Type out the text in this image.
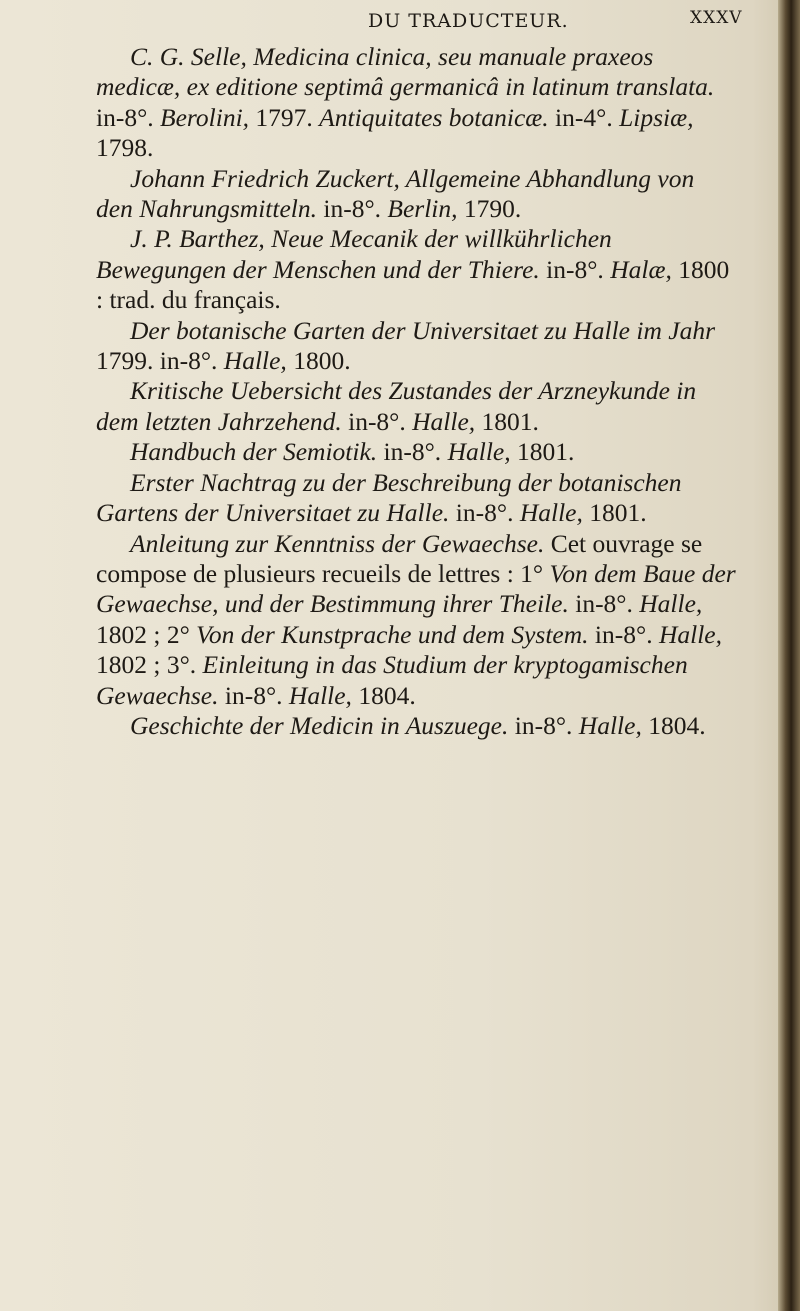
DU TRADUCTEUR.	XXXV

C. G. Selle, Medicina clinica, seu manuale praxeos medicæ, ex editione septimâ germanicâ in latinum translata. in-8°. Berolini, 1797. Antiquitates botanicæ. in-4°. Lipsiæ, 1798.

Johann Friedrich Zuckert, Allgemeine Abhandlung von den Nahrungsmitteln. in-8°. Berlin, 1790.

J. P. Barthez, Neue Mecanik der willkührlichen Bewegungen der Menschen und der Thiere. in-8°. Halæ, 1800 : trad. du français.

Der botanische Garten der Universitaet zu Halle im Jahr 1799. in-8°. Halle, 1800.

Kritische Uebersicht des Zustandes der Arzneykunde in dem letzten Jahrzehend. in-8°. Halle, 1801.

Handbuch der Semiotik. in-8°. Halle, 1801.

Erster Nachtrag zu der Beschreibung der botanischen Gartens der Universitaet zu Halle. in-8°. Halle, 1801.

Anleitung zur Kenntniss der Gewaechse. Cet ouvrage se compose de plusieurs recueils de lettres : 1° Von dem Baue der Gewaechse, und der Bestimmung ihrer Theile. in-8°. Halle, 1802 ; 2° Von der Kunstprache und dem System. in-8°. Halle, 1802 ; 3°. Einleitung in das Studium der kryptogamischen Gewaechse. in-8°. Halle, 1804.

Geschichte der Medicin in Auszuege. in-8°. Halle, 1804.
